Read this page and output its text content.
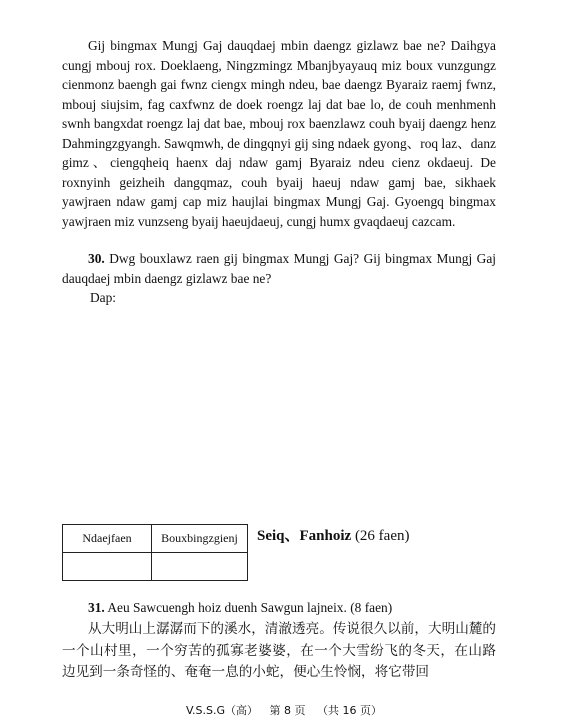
Gij bingmax Mungj Gaj dauqdaej mbin daengz gizlawz bae ne? Daihgya cungj mbouj rox. Doeklaeng, Ningzmingz Mbanjbyayauq miz boux vunzgungz cienmonz baengh gai fwnz ciengx mingh ndeu, bae daengz Byaraiz raemj fwnz, mbouj siujsim, fag caxfwnz de doek roengz laj dat bae lo, de couh menhmenh swnh bangxdat roengz laj dat bae, mbouj rox baenzlawz couh byaij daengz henz Dahmingzgyangh. Sawqmwh, de dingqnyi gij sing ndaek gyong、roq laz、danz gimz、ciengqheiq haenx daj ndaw gamj Byaraiz ndeu cienz okdaeuj. De roxnyinh geizheih dangqmaz, couh byaij haeuj ndaw gamj bae, sikhaek yawjraen ndaw gamj cap miz haujlai bingmax Mungj Gaj. Gyoengq bingmax yawjraen miz vunzseng byaij haeujdaeuj, cungj humx gvaqdaeuj cazcam.
30. Dwg bouxlawz raen gij bingmax Mungj Gaj? Gij bingmax Mungj Gaj dauqdaej mbin daengz gizlawz bae ne?
Dap:
Ndaejfaen	Bouxbingzgienj
	Seiq、Fanhoiz (26 faen)
31. Aeu Sawcuengh hoiz duenh Sawgun lajneix. (8 faen)
从大明山上潺潺而下的溪水，清澈透亮。传说很久以前，大明山麓的一个山村里，一个穷苦的孤寡老婆婆，在一个大雪纷飞的冬天，在山路边见到一条奇怪的、奄奄一息的小蛇，便心生怜悯，将它带回
V.S.S.G（高） 第 8 页 （共 16 页）
